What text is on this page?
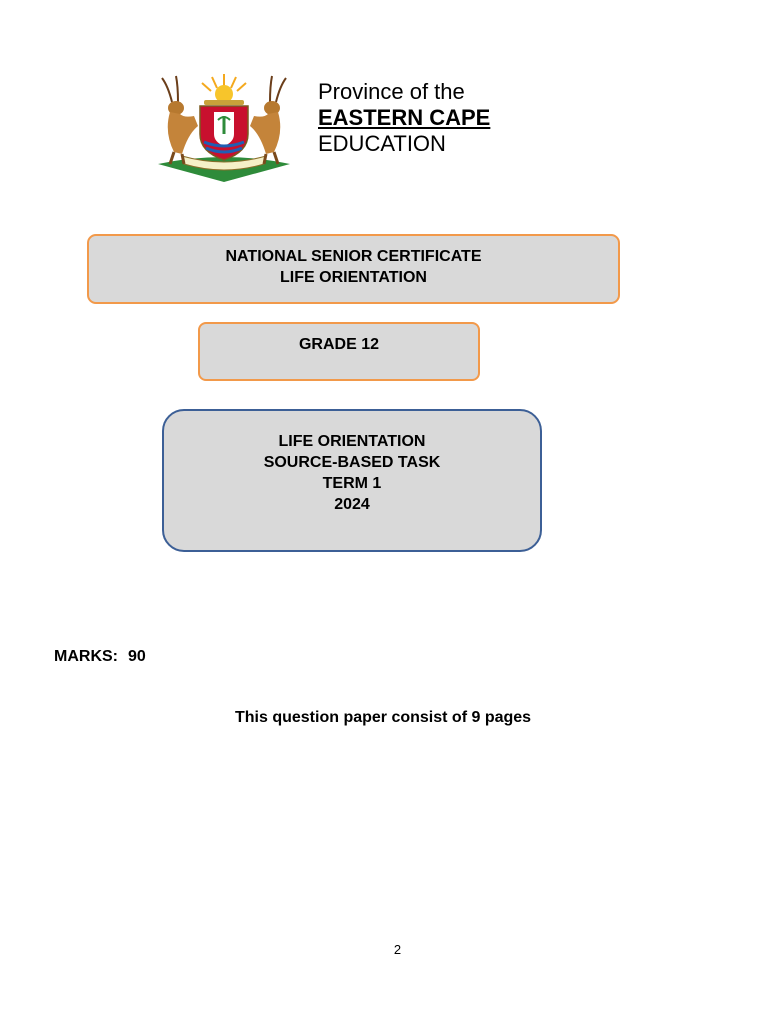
Province of the
EASTERN CAPE
EDUCATION
NATIONAL SENIOR CERTIFICATE
LIFE ORIENTATION
GRADE 12
LIFE ORIENTATION
SOURCE-BASED TASK
TERM 1
2024
MARKS: 90
This question paper consist of 9 pages
2
